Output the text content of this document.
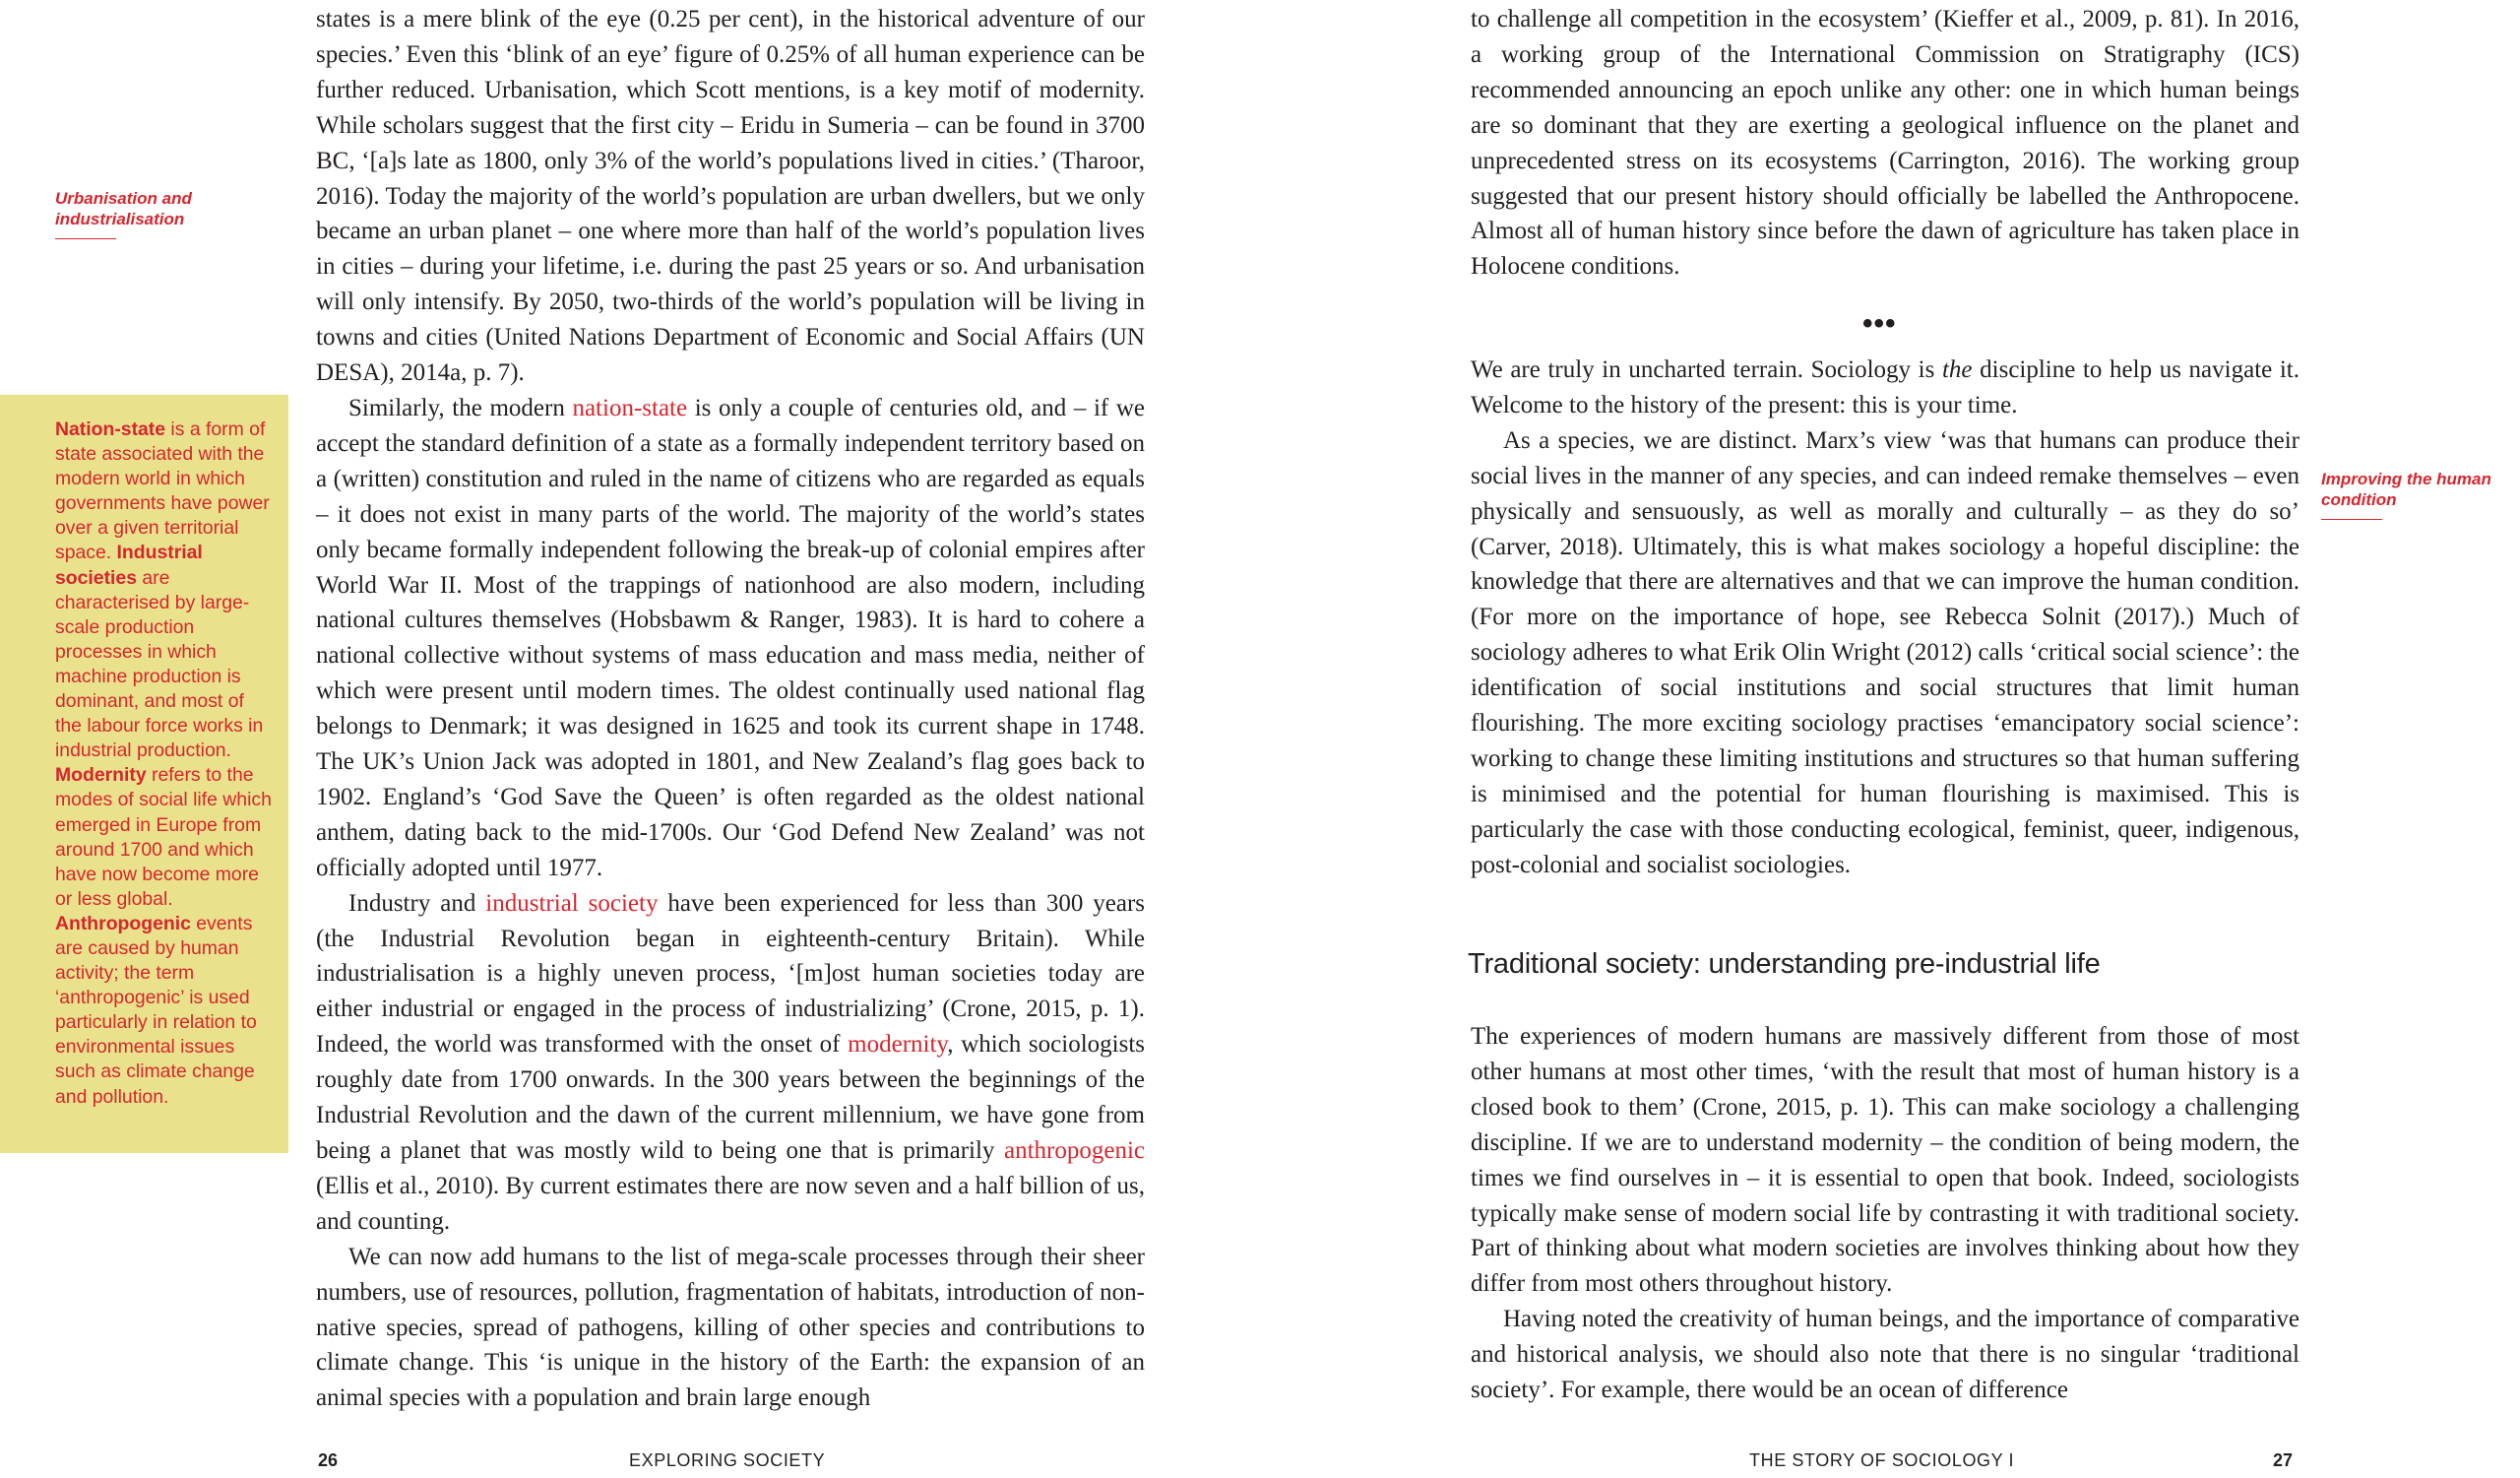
Urbanisation and industrialisation
Nation-state is a form of state associated with the modern world in which governments have power over a given territorial space. Industrial societies are characterised by large-scale production processes in which machine production is dominant, and most of the labour force works in industrial production. Modernity refers to the modes of social life which emerged in Europe from around 1700 and which have now become more or less global. Anthropogenic events are caused by human activity; the term ‘anthropogenic’ is used particularly in relation to environmental issues such as climate change and pollution.

states is a mere blink of the eye (0.25 per cent), in the historical adventure of our species.’ Even this ‘blink of an eye’ figure of 0.25% of all human experience can be further reduced. Urbanisation, which Scott mentions, is a key motif of modernity. While scholars suggest that the first city – Eridu in Sumeria – can be found in 3700 BC, ‘[a]s late as 1800, only 3% of the world’s populations lived in cities.’ (Tharoor, 2016). Today the majority of the world’s population are urban dwellers, but we only became an urban planet – one where more than half of the world’s population lives in cities – during your lifetime, i.e. during the past 25 years or so. And urbanisation will only intensify. By 2050, two-thirds of the world’s population will be living in towns and cities (United Nations Department of Economic and Social Affairs (UN DESA), 2014a, p. 7).

Similarly, the modern nation-state is only a couple of centuries old, and – if we accept the standard definition of a state as a formally independent territory based on a (written) constitution and ruled in the name of citizens who are regarded as equals – it does not exist in many parts of the world. The majority of the world’s states only became formally independent following the break-up of colonial empires after World War II. Most of the trappings of nationhood are also modern, including national cultures themselves (Hobsbawm & Ranger, 1983). It is hard to cohere a national collective without systems of mass education and mass media, neither of which were present until modern times. The oldest continually used national flag belongs to Denmark; it was designed in 1625 and took its current shape in 1748. The UK’s Union Jack was adopted in 1801, and New Zealand’s flag goes back to 1902. England’s ‘God Save the Queen’ is often regarded as the oldest national anthem, dating back to the mid-1700s. Our ‘God Defend New Zealand’ was not officially adopted until 1977.

Industry and industrial society have been experienced for less than 300 years (the Industrial Revolution began in eighteenth-century Britain). While industrialisation is a highly uneven process, ‘[m]ost human societies today are either industrial or engaged in the process of industrializing’ (Crone, 2015, p. 1). Indeed, the world was transformed with the onset of modernity, which sociologists roughly date from 1700 onwards. In the 300 years between the beginnings of the Industrial Revolution and the dawn of the current millennium, we have gone from being a planet that was mostly wild to being one that is primarily anthropogenic (Ellis et al., 2010). By current estimates there are now seven and a half billion of us, and counting.

We can now add humans to the list of mega-scale processes through their sheer numbers, use of resources, pollution, fragmentation of habitats, introduction of non-native species, spread of pathogens, killing of other species and contributions to climate change. This ‘is unique in the history of the Earth: the expansion of an animal species with a population and brain large enough

26	EXPLORING SOCIETY

to challenge all competition in the ecosystem’ (Kieffer et al., 2009, p. 81). In 2016, a working group of the International Commission on Stratigraphy (ICS) recommended announcing an epoch unlike any other: one in which human beings are so dominant that they are exerting a geological influence on the planet and unprecedented stress on its ecosystems (Carrington, 2016). The working group suggested that our present history should officially be labelled the Anthropocene. Almost all of human history since before the dawn of agriculture has taken place in Holocene conditions.

•••

We are truly in uncharted terrain. Sociology is the discipline to help us navigate it. Welcome to the history of the present: this is your time.

As a species, we are distinct. Marx’s view ‘was that humans can produce their social lives in the manner of any species, and can indeed remake themselves – even physically and sensuously, as well as morally and culturally – as they do so’ (Carver, 2018). Ultimately, this is what makes sociology a hopeful discipline: the knowledge that there are alternatives and that we can improve the human condition. (For more on the importance of hope, see Rebecca Solnit (2017).) Much of sociology adheres to what Erik Olin Wright (2012) calls ‘critical social science’: the identification of social institutions and social structures that limit human flourishing. The more exciting sociology practises ‘emancipatory social science’: working to change these limiting institutions and structures so that human suffering is minimised and the potential for human flourishing is maximised. This is particularly the case with those conducting ecological, feminist, queer, indigenous, post-colonial and socialist sociologies.

Improving the human condition
Traditional society: understanding pre-industrial life

The experiences of modern humans are massively different from those of most other humans at most other times, ‘with the result that most of human history is a closed book to them’ (Crone, 2015, p. 1). This can make sociology a challenging discipline. If we are to understand modernity – the condition of being modern, the times we find ourselves in – it is essential to open that book. Indeed, sociologists typically make sense of modern social life by contrasting it with traditional society. Part of thinking about what modern societies are involves thinking about how they differ from most others throughout history.

Having noted the creativity of human beings, and the importance of comparative and historical analysis, we should also note that there is no singular ‘traditional society’. For example, there would be an ocean of difference

THE STORY OF SOCIOLOGY I	27
